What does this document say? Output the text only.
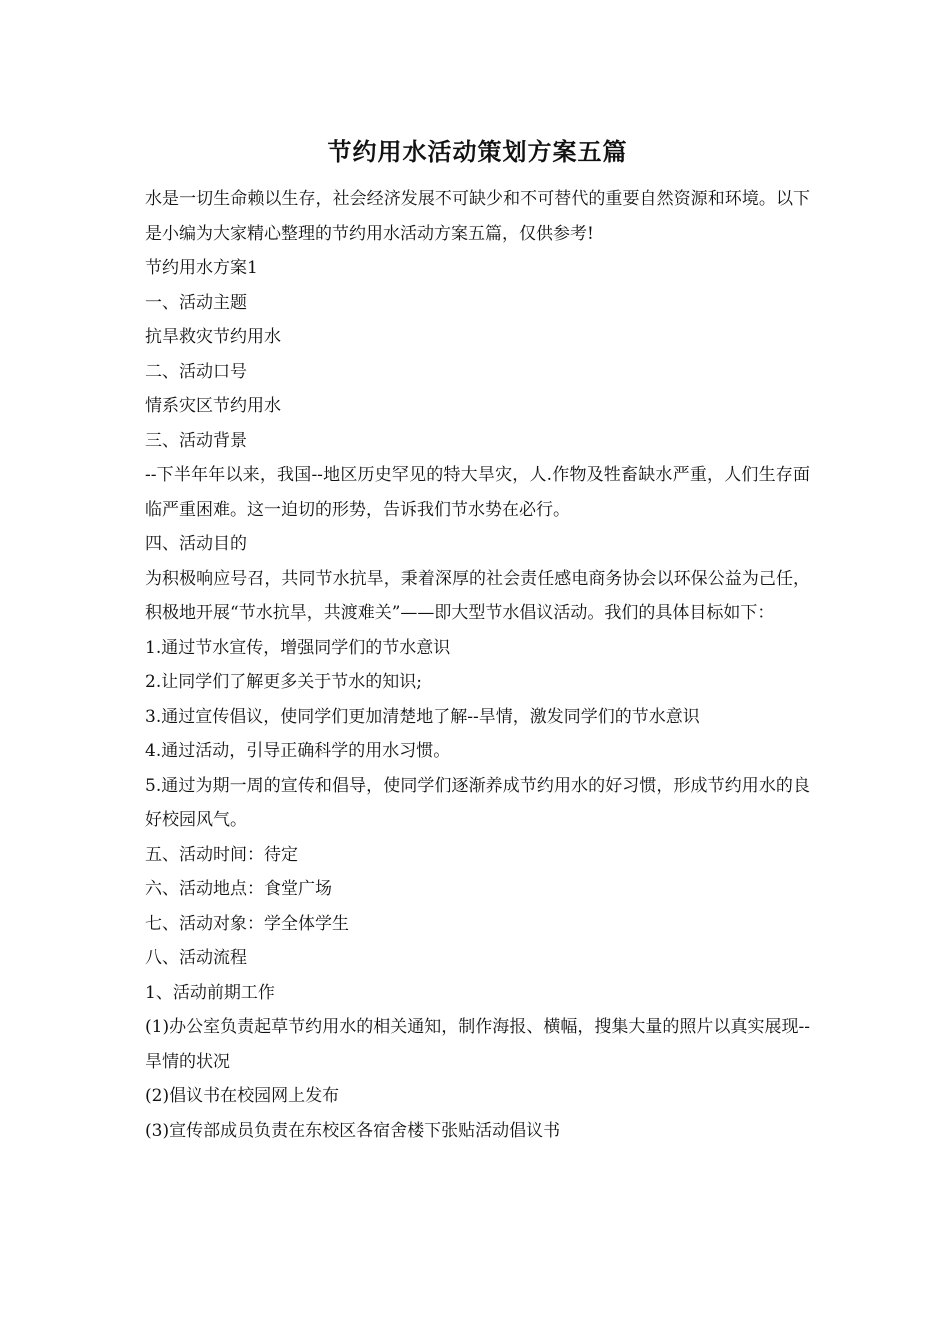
节约用水活动策划方案五篇
水是一切生命赖以生存，社会经济发展不可缺少和不可替代的重要自然资源和环境。以下是小编为大家精心整理的节约用水活动方案五篇，仅供参考!
节约用水方案1
一、活动主题
抗旱救灾节约用水
二、活动口号
情系灾区节约用水
三、活动背景
--下半年年以来，我国--地区历史罕见的特大旱灾，人.作物及牲畜缺水严重，人们生存面临严重困难。这一迫切的形势，告诉我们节水势在必行。
四、活动目的
为积极响应号召，共同节水抗旱，秉着深厚的社会责任感电商务协会以环保公益为己任，积极地开展“节水抗旱，共渡难关”——即大型节水倡议活动。我们的具体目标如下：
1.通过节水宣传，增强同学们的节水意识
2.让同学们了解更多关于节水的知识;
3.通过宣传倡议，使同学们更加清楚地了解--旱情，激发同学们的节水意识
4.通过活动，引导正确科学的用水习惯。
5.通过为期一周的宣传和倡导，使同学们逐渐养成节约用水的好习惯，形成节约用水的良好校园风气。
五、活动时间：待定
六、活动地点：食堂广场
七、活动对象：学全体学生
八、活动流程
1、活动前期工作
(1)办公室负责起草节约用水的相关通知，制作海报、横幅，搜集大量的照片以真实展现--旱情的状况
(2)倡议书在校园网上发布
(3)宣传部成员负责在东校区各宿舍楼下张贴活动倡议书
